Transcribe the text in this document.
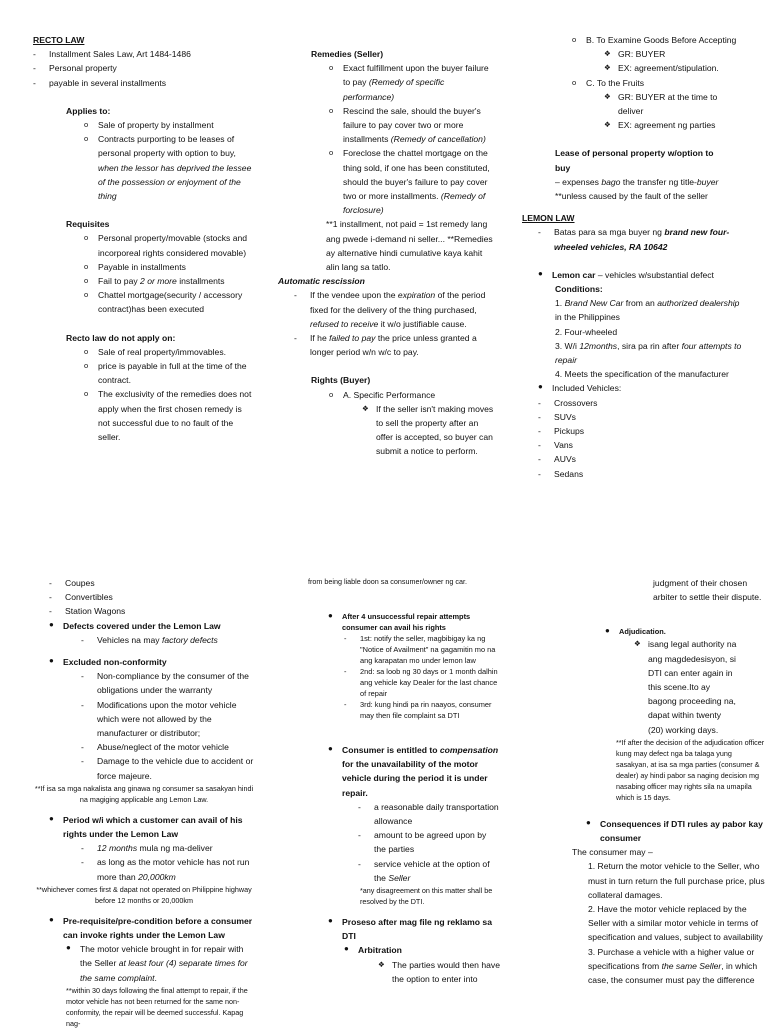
RECTO LAW
- Installment Sales Law, Art 1484-1486
- Personal property
- payable in several installments
Applies to:
o Sale of property by installment
o Contracts purporting to be leases of personal property with option to buy, when the lessor has deprived the lessee of the possession or enjoyment of the thing
Requisites
o Personal property/movable (stocks and incorporeal rights considered movable)
o Payable in installments
o Fail to pay 2 or more installments
o Chattel mortgage(security / accessory contract)has been executed
Recto law do not apply on:
o Sale of real property/immovables.
o price is payable in full at the time of the contract.
o The exclusivity of the remedies does not apply when the first chosen remedy is not successful due to no fault of the seller.
Remedies (Seller)
o Exact fulfillment upon the buyer failure to pay (Remedy of specific performance)
o Rescind the sale, should the buyer's failure to pay cover two or more installments (Remedy of cancellation)
o Foreclose the chattel mortgage on the thing sold, if one has been constituted, should the buyer's failure to pay cover two or more installments. (Remedy of forclosure)
**1 installment, not paid = 1st remedy lang ang pwede i-demand ni seller... **Remedies ay alternative hindi cumulative kaya kahit alin lang sa tatlo.
Automatic rescission
- If the vendee upon the expiration of the period fixed for the delivery of the thing purchased, refused to receive it w/o justifiable cause.
- If he failed to pay the price unless granted a longer period w/n w/c to pay.
Rights (Buyer)
o A. Specific Performance
❖ If the seller isn't making moves to sell the property after an offer is accepted, so buyer can submit a notice to perform.
o B. To Examine Goods Before Accepting
❖ GR: BUYER
❖ EX: agreement/stipulation.
o C. To the Fruits
❖ GR: BUYER at the time to deliver
❖ EX: agreement ng parties
Lease of personal property w/option to buy
– expenses bago the transfer ng title-buyer
**unless caused by the fault of the seller
LEMON LAW
- Batas para sa mga buyer ng brand new four-wheeled vehicles, RA 10642
● Lemon car – vehicles w/substantial defect
Conditions:
1. Brand New Car from an authorized dealership in the Philippines
2. Four-wheeled
3. W/i 12months, sira pa rin after four attempts to repair
4. Meets the specification of the manufacturer
● Included Vehicles:
- Crossovers
- SUVs
- Pickups
- Vans
- AUVs
- Sedans
- Coupes
- Convertibles
- Station Wagons
● Defects covered under the Lemon Law
- Vehicles na may factory defects
● Excluded non-conformity
- Non-compliance by the consumer of the obligations under the warranty
- Modifications upon the motor vehicle which were not allowed by the manufacturer or distributor;
- Abuse/neglect of the motor vehicle
- Damage to the vehicle due to accident or force majeure.
**If isa sa mga nakalista ang ginawa ng consumer sa sasakyan hindi na magiging applicable ang Lemon Law.
● Period w/i which a customer can avail of his rights under the Lemon Law
- 12 months mula ng ma-deliver
- as long as the motor vehicle has not run more than 20,000km
**whichever comes first & dapat not operated on Philippine highway before 12 months or 20,000km
● Pre-requisite/pre-condition before a consumer can invoke rights under the Lemon Law
● The motor vehicle brought in for repair with the Seller at least four (4) separate times for the same complaint.
**within 30 days following the final attempt to repair, if the motor vehicle has not been returned for the same non-conformity, the repair will be deemed successful. Kapag nag-
from being liable doon sa consumer/owner ng car.
● After 4 unsuccessful repair attempts consumer can avail his rights
- 1st: notify the seller, magbibigay ka ng "Notice of Availment" na gagamitin mo na ang karapatan mo under lemon law
- 2nd: sa loob ng 30 days or 1 month dalhin ang vehicle kay Dealer for the last chance of repair
- 3rd: kung hindi pa rin naayos, consumer may then file complaint sa DTI
● Consumer is entitled to compensation for the unavailability of the motor vehicle during the period it is under repair.
- a reasonable daily transportation allowance
- amount to be agreed upon by the parties
- service vehicle at the option of the Seller
*any disagreement on this matter shall be resolved by the DTI.
● Proseso after mag file ng reklamo sa DTI
● Arbitration
❖ The parties would then have the option to enter into
judgment of their chosen arbiter to settle their dispute.
● Adjudication.
❖ isang legal authority na ang magdedesisyon, si DTI can enter again in this scene.Ito ay bagong proceeding na, dapat within twenty (20) working days.
**If after the decision of the adjudication officer kung may defect nga ba talaga yung sasakyan, at isa sa mga parties (consumer & dealer) ay hindi pabor sa naging decision mg nasabing officer may rights sila na umapila which is 15 days.
● Consequences if DTI rules ay pabor kay consumer
The consumer may –
1. Return the motor vehicle to the Seller, who must in turn return the full purchase price, plus collateral damages.
2. Have the motor vehicle replaced by the Seller with a similar motor vehicle in terms of specification and values, subject to availability
3. Purchase a vehicle with a higher value or specifications from the same Seller, in which case, the consumer must pay the difference
